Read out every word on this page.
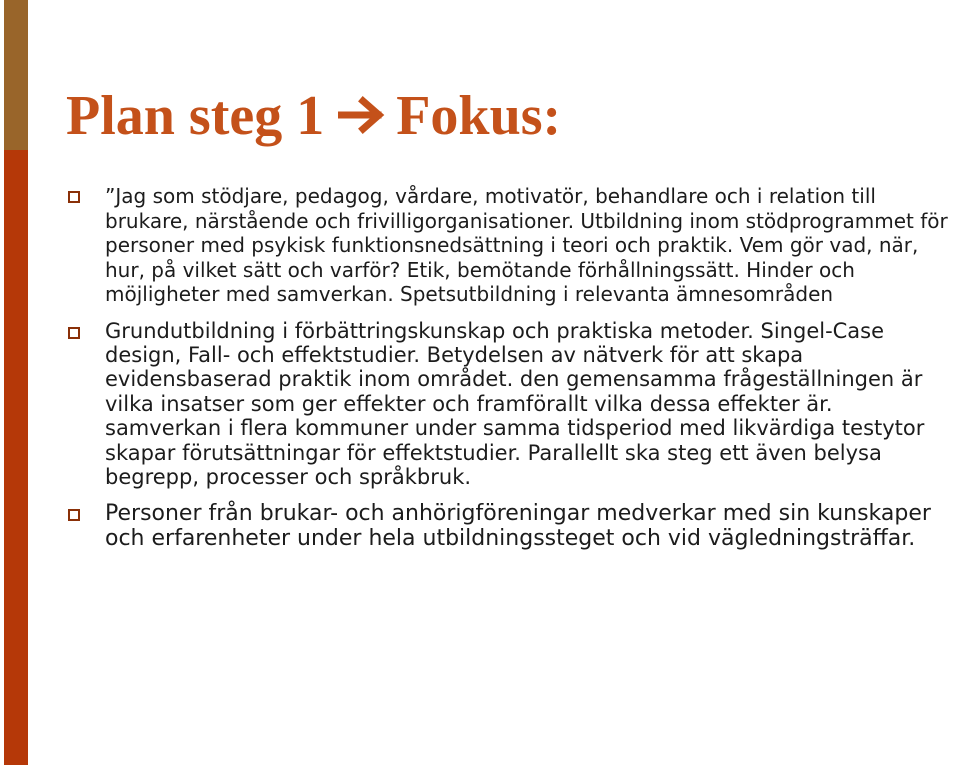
Plan steg 1 Fokus:
”Jag som stödjare, pedagog, vårdare, motivatör, behandlare och i relation till brukare, närstående och frivilligorganisationer. Utbildning inom stödprogrammet för personer med psykisk funktionsnedsättning i teori och praktik. Vem gör vad, när, hur, på vilket sätt och varför? Etik, bemötande förhållningssätt. Hinder och möjligheter med samverkan. Spetsutbildning i relevanta ämnesområden
Grundutbildning i förbättringskunskap och praktiska metoder. Singel-Case design, Fall- och effektstudier. Betydelsen av nätverk för att skapa evidensbaserad praktik inom området. den gemensamma frågeställningen är vilka insatser som ger effekter och framförallt vilka dessa effekter är. samverkan i flera kommuner under samma tidsperiod med likvärdiga testytor skapar förutsättningar för effektstudier. Parallellt ska steg ett även belysa begrepp, processer och språkbruk.
Personer från brukar- och anhörigföreningar medverkar med sin kunskaper och erfarenheter under hela utbildningssteget och vid vägledningsträffar.
